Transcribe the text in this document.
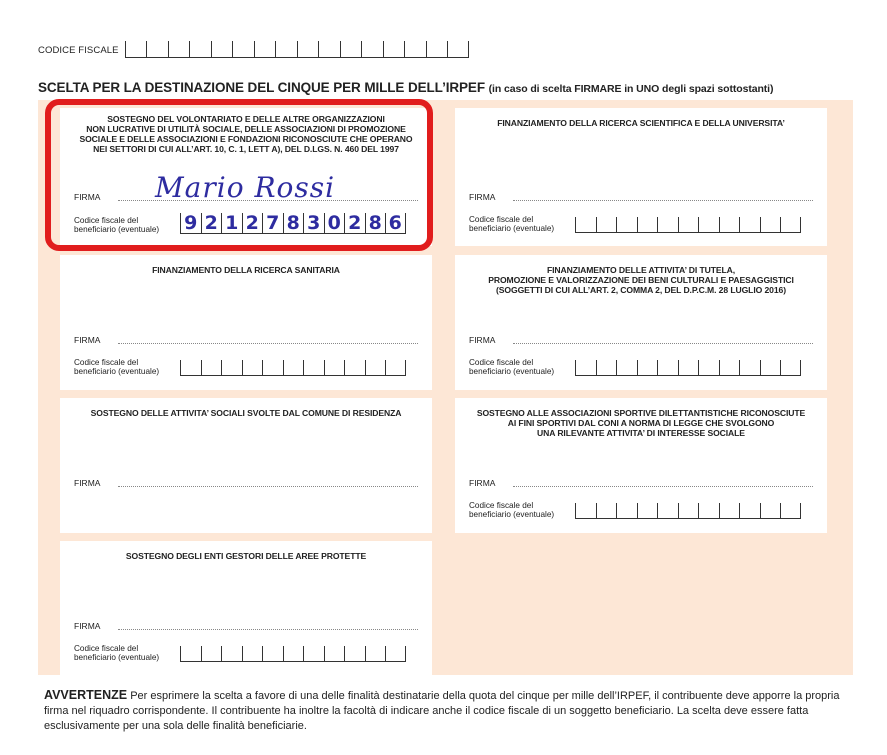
CODICE FISCALE
SCELTA PER LA DESTINAZIONE DEL CINQUE PER MILLE DELL’IRPEF (in caso di scelta FIRMARE in UNO degli spazi sottostanti)
SOSTEGNO DEL VOLONTARIATO E DELLE ALTRE ORGANIZZAZIONI
NON LUCRATIVE DI UTILITÀ SOCIALE, DELLE ASSOCIAZIONI DI PROMOZIONE
SOCIALE E DELLE ASSOCIAZIONI E FONDAZIONI RICONOSCIUTE CHE OPERANO
NEI SETTORI DI CUI ALL’ART. 10, C. 1, LETT A), DEL D.LGS. N. 460 DEL 1997
Mario Rossi
FIRMA
Codice fiscale del
beneficiario (eventuale)	9 2 1 2 7 8 3 0 2 8 6
FINANZIAMENTO DELLA RICERCA SCIENTIFICA E DELLA UNIVERSITA’
FIRMA
Codice fiscale del
beneficiario (eventuale)
FINANZIAMENTO DELLA RICERCA SANITARIA
FIRMA
Codice fiscale del
beneficiario (eventuale)
FINANZIAMENTO DELLE ATTIVITA’ DI TUTELA,
PROMOZIONE E VALORIZZAZIONE DEI BENI CULTURALI E PAESAGGISTICI
(SOGGETTI DI CUI ALL’ART. 2, COMMA 2, DEL D.P.C.M. 28 LUGLIO 2016)
FIRMA
Codice fiscale del
beneficiario (eventuale)
SOSTEGNO DELLE ATTIVITA’ SOCIALI SVOLTE DAL COMUNE DI RESIDENZA
FIRMA
SOSTEGNO ALLE ASSOCIAZIONI SPORTIVE DILETTANTISTICHE RICONOSCIUTE
AI FINI SPORTIVI DAL CONI A NORMA DI LEGGE CHE SVOLGONO
UNA RILEVANTE ATTIVITA’ DI INTERESSE SOCIALE
FIRMA
Codice fiscale del
beneficiario (eventuale)
SOSTEGNO DEGLI ENTI GESTORI DELLE AREE PROTETTE
FIRMA
Codice fiscale del
beneficiario (eventuale)
AVVERTENZE Per esprimere la scelta a favore di una delle finalità destinatarie della quota del cinque per mille dell’IRPEF, il contribuente deve apporre la propria firma nel riquadro corrispondente. Il contribuente ha inoltre la facoltà di indicare anche il codice fiscale di un soggetto beneficiario. La scelta deve essere fatta esclusivamente per una sola delle finalità beneficiarie.
